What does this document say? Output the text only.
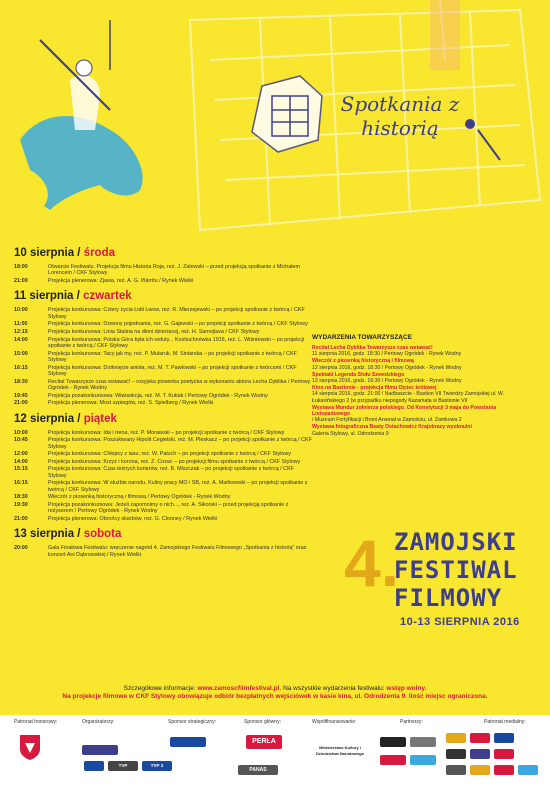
Spotkania z historią
10 sierpnia / środa
18:00	Otwarcie Festiwalu. Projekcja filmu Historia Roja, reż. J. Zalewski – przed projekcją spotkanie z Michałem Lorencem / CKF Stylowy
21:00	Projekcja plenerowa: Zjawa, reż. A. G. Iñárritu / Rynek Wielki
11 sierpnia / czwartek
10:00	Projekcja konkursowa: Cztery życia Lidii Lwow, reż. R. Mierzejewski – po projekcji spotkanie z twórcą / CKF Stylowy
11:00	Projekcja konkursowa: Dzwony pojednania, reż. G. Gajewski – po projekcji spotkanie z twórcą / CKF Stylowy
12:15	Projekcja konkursowa: Linia Stalina na dłoni dziecięcej, reż. H. Samojlava / CKF Stylowy
14:00	Projekcja konkursowa: Polska Góra była ich reduty... Kostiuchnówka 1916, reż. L. Wiśniewski – po projekcji spotkanie z twórcą / CKF Stylowy
15:00	Projekcja konkursowa: Tacy jak my, reż. P. Mularuk, M. Siniarska – po projekcji spotkanie z twórcą / CKF Stylowy
16:15	Projekcja konkursowa: Dotknięcie anioła, reż. M. T. Pawłowski – po projekcji spotkanie z twórcami / CKF Stylowy
18:30	Recital Towarzysze czas wstawać! – rosyjska piosenka poetycka w wykonaniu aktora Lecha Dyblika / Pertowy Ogródek - Rynek Wodny
19:45	Projekcja pozakonkursowa: Wiwisekcja, reż. M. T. Kutiak / Pertowy Ogródek - Rynek Wodny
21:00	Projekcja plenerowa: Most szpiegów, reż. S. Spielberg / Rynek Wielki
12 sierpnia / piątek
10:00	Projekcja konkursowa: Ida i Irena, reż. P. Morawski – po projekcji spotkanie z twórcą / CKF Stylowy
10:45	Projekcja konkursowa: Poszukiwany Hipolit Cegielski, reż. M. Pleskacz – po projekcji spotkanie z twórcą / CKF Stylowy
12:00	Projekcja konkursowa: Chłopcy z lasu, reż. W. Paluch – po projekcji spotkanie z twórcą / CKF Stylowy
14:00	Projekcja konkursowa: Krzyż i korona, reż. Z. Cozac – po projekcji filmu spotkanie z twórcą / CKF Stylowy
15:15	Projekcja konkursowa: Czas leśnych kurierów, reż. B. Miszczak – po projekcji spotkanie z twórcą / CKF Stylowy
16:15	Projekcja konkursowa: W służbie narodu. Kuliny pracy MO i SB, reż. A. Mańkowski – po projekcji spotkanie z twórcą / CKF Stylowy
18:30	Wieczór z piosenką historyczną i filmową / Pertowy Ogródek - Rynek Wodny
19:30	Projekcja pozakonkursowa: Jeżeli zapomnimy o nich..., reż. A. Sikorski – przed projekcją spotkanie z reżyserem / Pertowy Ogródek - Rynek Wodny
21:00	Projekcja plenerowa: Obrońcy skarbów, reż. G. Clooney / Rynek Wielki
13 sierpnia / sobota
20:00	Gala Finałowa Festiwalu: wręczenie nagród 4. Zamojskiego Festiwalu Filmowego „Spotkania z historią” oraz koncert Ani Dąbrowskiej / Rynek Wielki
WYDARZENIA TOWARZYSZĄCE
Recital Lecha Dyblika Towarzysze czas wstawać!
11 sierpnia 2016, godz. 18:30 / Pertowy Ogródek - Rynek Wodny
Wieczór z piosenką historyczną i filmową
12 sierpnia 2016, godz. 18:30 / Pertowy Ogródek - Rynek Wodny
Spektakl Legenda Stołu Szwedzkiego
13 sierpnia 2016, godz. 18:30 / Pertowy Ogródek - Rynek Wodny
Kino na Bastionie - projekcja filmu Ojciec królowej
14 sierpnia 2016, godz. 21:00 / Nadbaszcie - Bastion VII Twierdzy Zamojskiej ul. W. Łukasińskiego 2 (w przypadku niepogody Kazamata w Bastionie VII
Wystawa Mundur żołnierza polskiego. Od Konstytucji 3 maja do Powstania Listopadowego
/ Muzeum Fortyfikacji i Broni Arsenał w Zamościu, ul. Zamkowa 2
Wystawa fotograficzna Beaty Ostachowicz Krajobrazy wyobraźni
Galeria Stylowy, ul. Odrodzenia 9
4.
ZAMOJSKI
FESTIWAL
FILMOWY
10-13 SIERPNIA 2016
Szczegółowe informacje: www.zamoscfilmfestival.pl. Na wszystkie wydarzenia festiwalu: wstęp wolny.
Na projekcje filmowe w CKF Stylowy obowiązuje odbiór bezpłatnych wejściówek w kasie kina, ul. Odrodzenia 9. Ilość miejsc ograniczona.
Patronat honorowy:	Organizatorzy:	Sponsor strategiczny:	Sponsor główny:	Współfinansowanie:	Partnerzy:	Patronat medialny:
TVP HISTORIA
TVP 3 LUBLIN
PERŁA
PANAS
Ministerstwo Kultury i Dziedzictwa Narodowego
